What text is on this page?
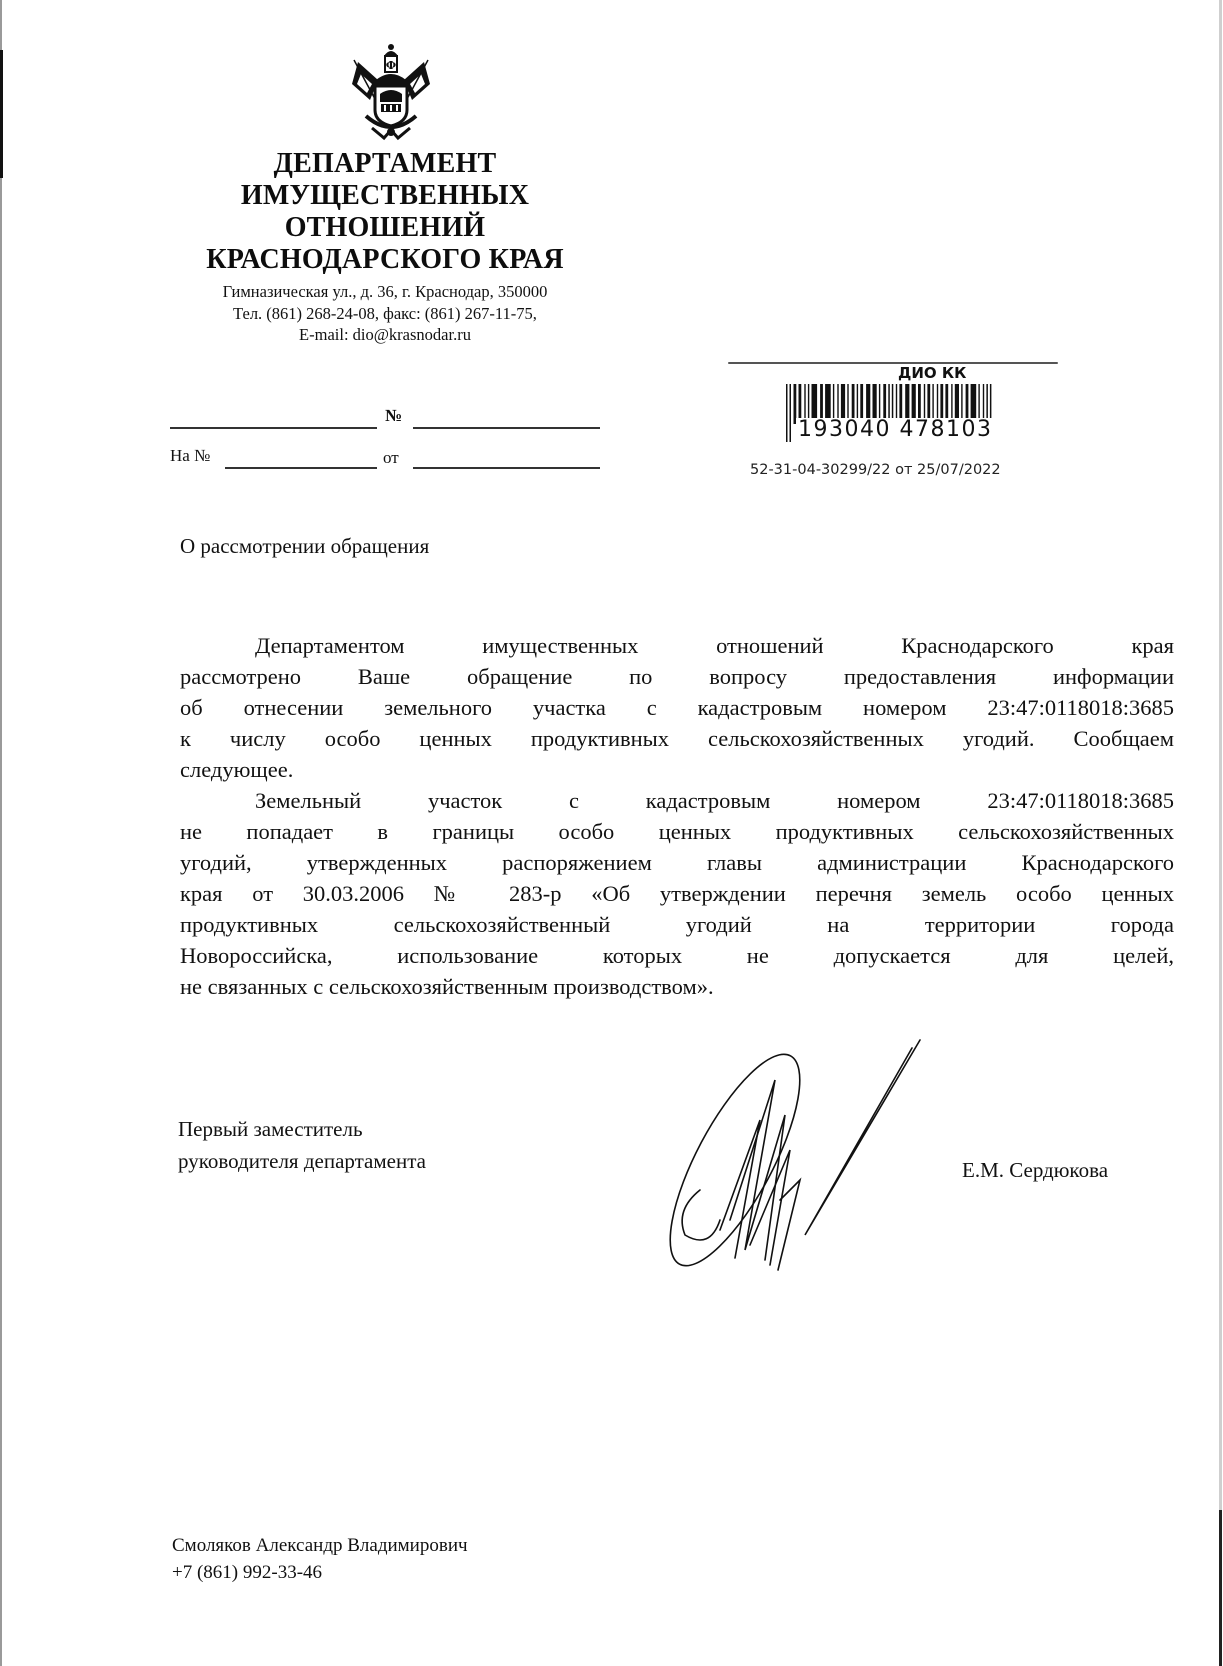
Ф
ДЕПАРТАМЕНТ
ИМУЩЕСТВЕННЫХ
ОТНОШЕНИЙ
КРАСНОДАРСКОГО КРАЯ
Гимназическая ул., д. 36, г. Краснодар, 350000
Тел. (861) 268-24-08, факс: (861) 267-11-75,
E-mail: dio@krasnodar.ru
№
На №	от
ДИО КК
193040 478103
52-31-04-30299/22 от 25/07/2022
О рассмотрении обращения
Департаментом имущественных отношений Краснодарского края
рассмотрено Ваше обращение по вопросу предоставления информации
об отнесении земельного участка с кадастровым номером 23:47:0118018:3685
к числу особо ценных продуктивных сельскохозяйственных угодий. Сообщаем
следующее.
Земельный участок с кадастровым номером 23:47:0118018:3685
не попадает в границы особо ценных продуктивных сельскохозяйственных
угодий, утвержденных распоряжением главы администрации Краснодарского
края от 30.03.2006 № 283-р «Об утверждении перечня земель особо ценных
продуктивных сельскохозяйственный угодий на территории города
Новороссийска, использование которых не допускается для целей,
не связанных с сельскохозяйственным производством».
Первый заместитель
руководителя департамента	Е.М. Сердюкова
Смоляков Александр Владимирович
+7 (861) 992-33-46
